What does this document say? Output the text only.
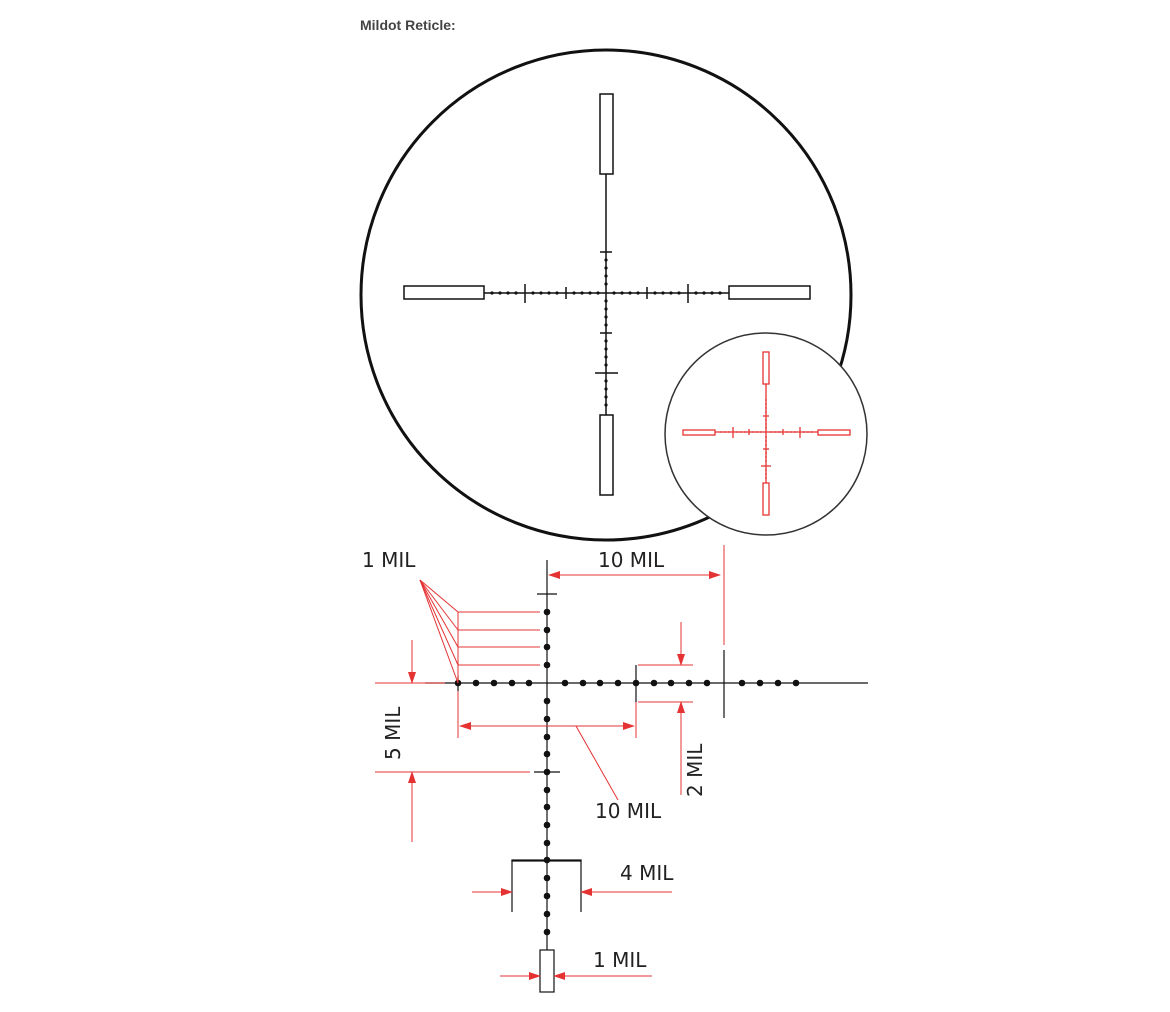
Mildot Reticle:
1 MIL	10 MIL
5 MIL
10 MIL
2 MIL
4 MIL
1 MIL
